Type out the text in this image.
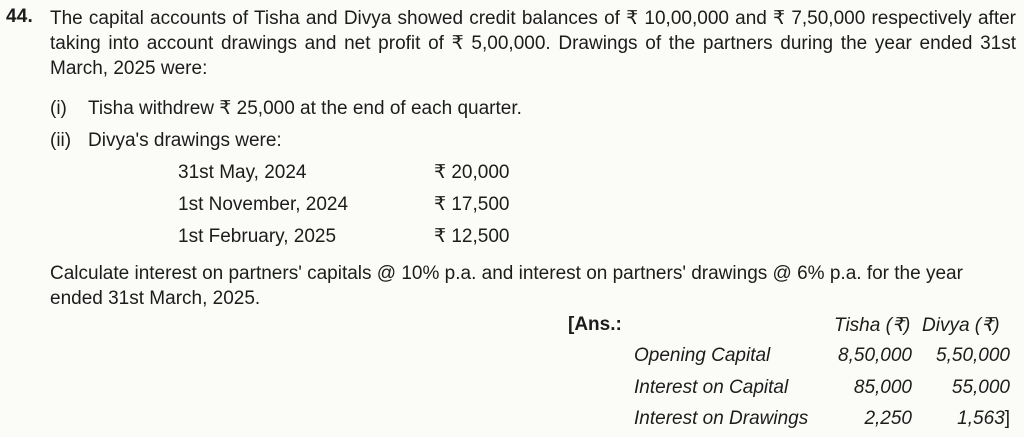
44. The capital accounts of Tisha and Divya showed credit balances of ₹ 10,00,000 and ₹ 7,50,000 respectively after taking into account drawings and net profit of ₹ 5,00,000. Drawings of the partners during the year ended 31st March, 2025 were:
(i) Tisha withdrew ₹ 25,000 at the end of each quarter.
(ii) Divya's drawings were:
31st May, 2024	₹ 20,000
1st November, 2024	₹ 17,500
1st February, 2025	₹ 12,500
Calculate interest on partners' capitals @ 10% p.a. and interest on partners' drawings @ 6% p.a. for the year ended 31st March, 2025.
[Ans.:	Tisha (₹) Divya (₹)
Opening Capital	8,50,000	5,50,000
Interest on Capital	85,000	55,000
Interest on Drawings	2,250	1,563]
